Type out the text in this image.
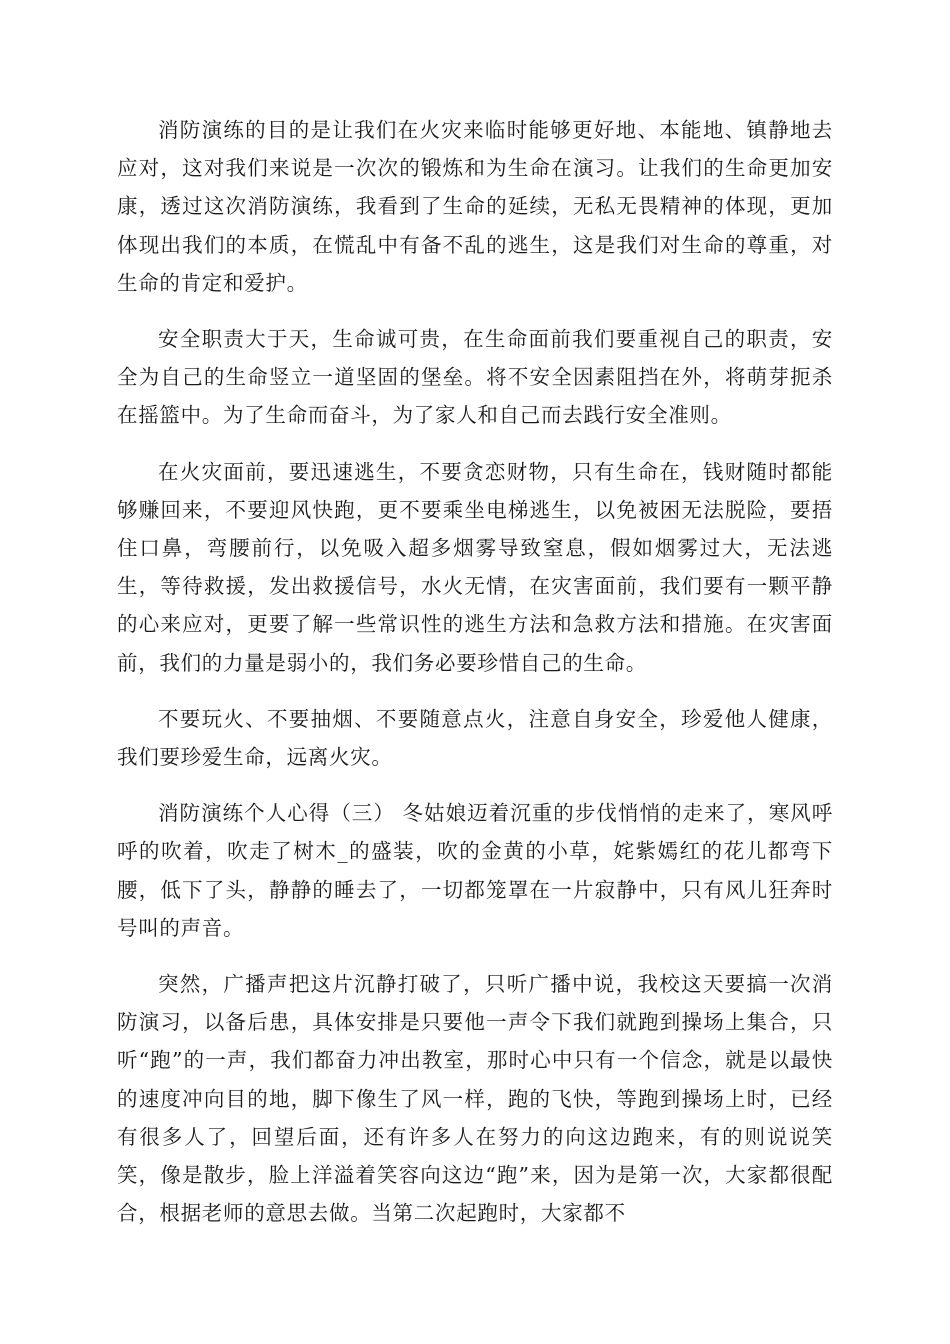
消防演练的目的是让我们在火灾来临时能够更好地、本能地、镇静地去应对，这对我们来说是一次次的锻炼和为生命在演习。让我们的生命更加安康，透过这次消防演练，我看到了生命的延续，无私无畏精神的体现，更加体现出我们的本质，在慌乱中有备不乱的逃生，这是我们对生命的尊重，对生命的肯定和爱护。

安全职责大于天，生命诚可贵，在生命面前我们要重视自己的职责，安全为自己的生命竖立一道坚固的堡垒。将不安全因素阻挡在外，将萌芽扼杀在摇篮中。为了生命而奋斗，为了家人和自己而去践行安全准则。

在火灾面前，要迅速逃生，不要贪恋财物，只有生命在，钱财随时都能够赚回来，不要迎风快跑，更不要乘坐电梯逃生，以免被困无法脱险，要捂住口鼻，弯腰前行，以免吸入超多烟雾导致窒息，假如烟雾过大，无法逃生，等待救援，发出救援信号，水火无情，在灾害面前，我们要有一颗平静的心来应对，更要了解一些常识性的逃生方法和急救方法和措施。在灾害面前，我们的力量是弱小的，我们务必要珍惜自己的生命。

不要玩火、不要抽烟、不要随意点火，注意自身安全，珍爱他人健康，我们要珍爱生命，远离火灾。

消防演练个人心得（三） 冬姑娘迈着沉重的步伐悄悄的走来了，寒风呼呼的吹着，吹走了树木_的盛装，吹的金黄的小草，姹紫嫣红的花儿都弯下腰，低下了头，静静的睡去了，一切都笼罩在一片寂静中，只有风儿狂奔时号叫的声音。

突然，广播声把这片沉静打破了，只听广播中说，我校这天要搞一次消防演习，以备后患，具体安排是只要他一声令下我们就跑到操场上集合，只听“跑”的一声，我们都奋力冲出教室，那时心中只有一个信念，就是以最快的速度冲向目的地，脚下像生了风一样，跑的飞快，等跑到操场上时，已经有很多人了，回望后面，还有许多人在努力的向这边跑来，有的则说说笑笑，像是散步，脸上洋溢着笑容向这边“跑”来，因为是第一次，大家都很配合，根据老师的意思去做。当第二次起跑时，大家都不
